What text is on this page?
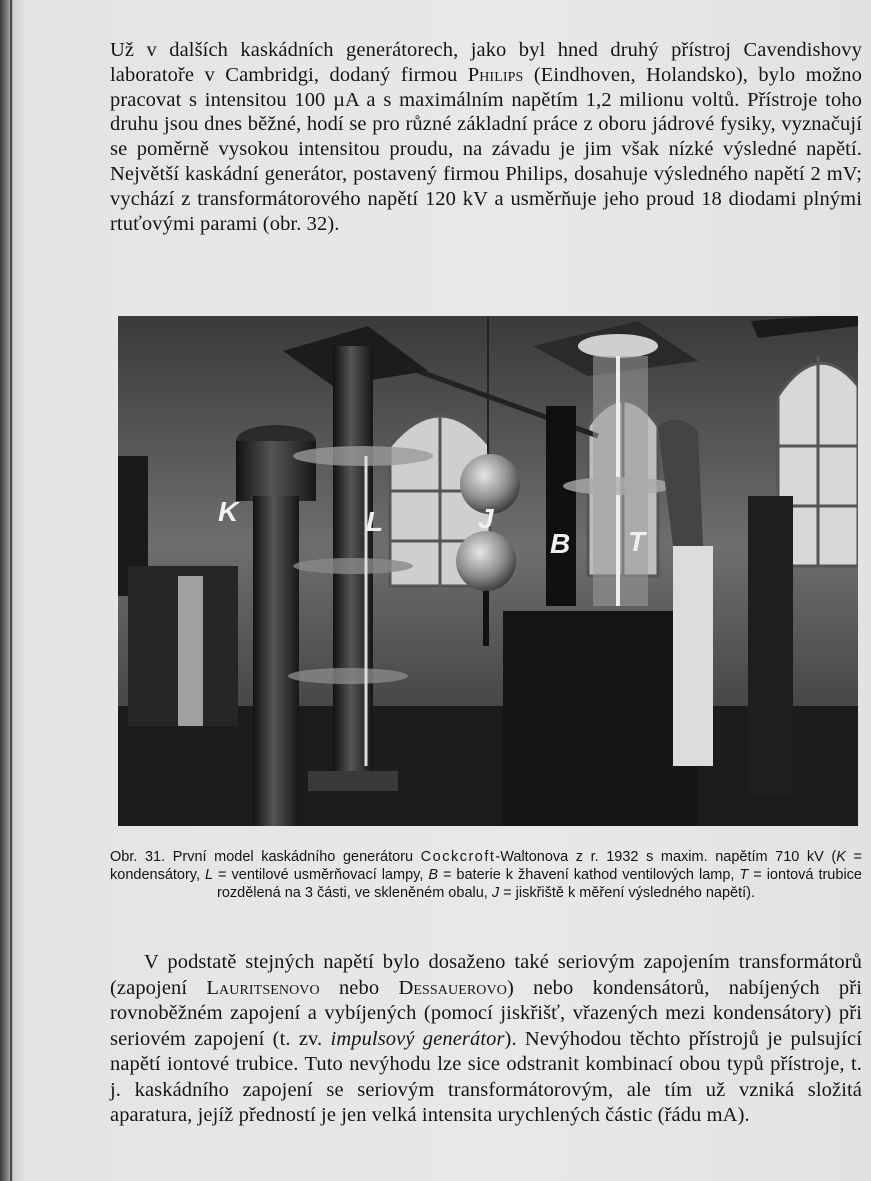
Už v dalších kaskádních generátorech, jako byl hned druhý přístroj Cavendishovy laboratoře v Cambridgi, dodaný firmou Philips (Eindhoven, Holandsko), bylo možno pracovat s intensitou 100 µA a s maximálním napětím 1,2 milionu voltů. Přístroje toho druhu jsou dnes běžné, hodí se pro různé základní práce z oboru jádrové fysiky, vyznačují se poměrně vysokou intensitou proudu, na závadu je jim však nízké výsledné napětí. Největší kaskádní generátor, postavený firmou Philips, dosahuje výsledného napětí 2 mV; vychází z transformátorového napětí 120 kV a usměrňuje jeho proud 18 diodami plnými rtuťovými parami (obr. 32).

K	L	J
B T

Obr. 31. První model kaskádního generátoru Cockcroft-Waltonova z r. 1932 s maxim. napětím 710 kV (K = kondensátory, L = ventilové usměrňovací lampy, B = baterie k žhavení kathod ventilových lamp, T = iontová trubice rozdělená na 3 části, ve skleněném obalu, J = jiskřiště k měření výsledného napětí).

V podstatě stejných napětí bylo dosaženo také seriovým zapojením transformátorů (zapojení Lauritsenovo nebo Dessauerovo) nebo kondensátorů, nabíjených při rovnoběžném zapojení a vybíjených (pomocí jiskřišť, vřazených mezi kondensátory) při seriovém zapojení (t. zv. impulsový generátor). Nevýhodou těchto přístrojů je pulsující napětí iontové trubice. Tuto nevýhodu lze sice odstranit kombinací obou typů přístroje, t. j. kaskádního zapojení se seriovým transformátorovým, ale tím už vzniká složitá aparatura, jejíž předností je jen velká intensita urychlených částic (řádu mA).
